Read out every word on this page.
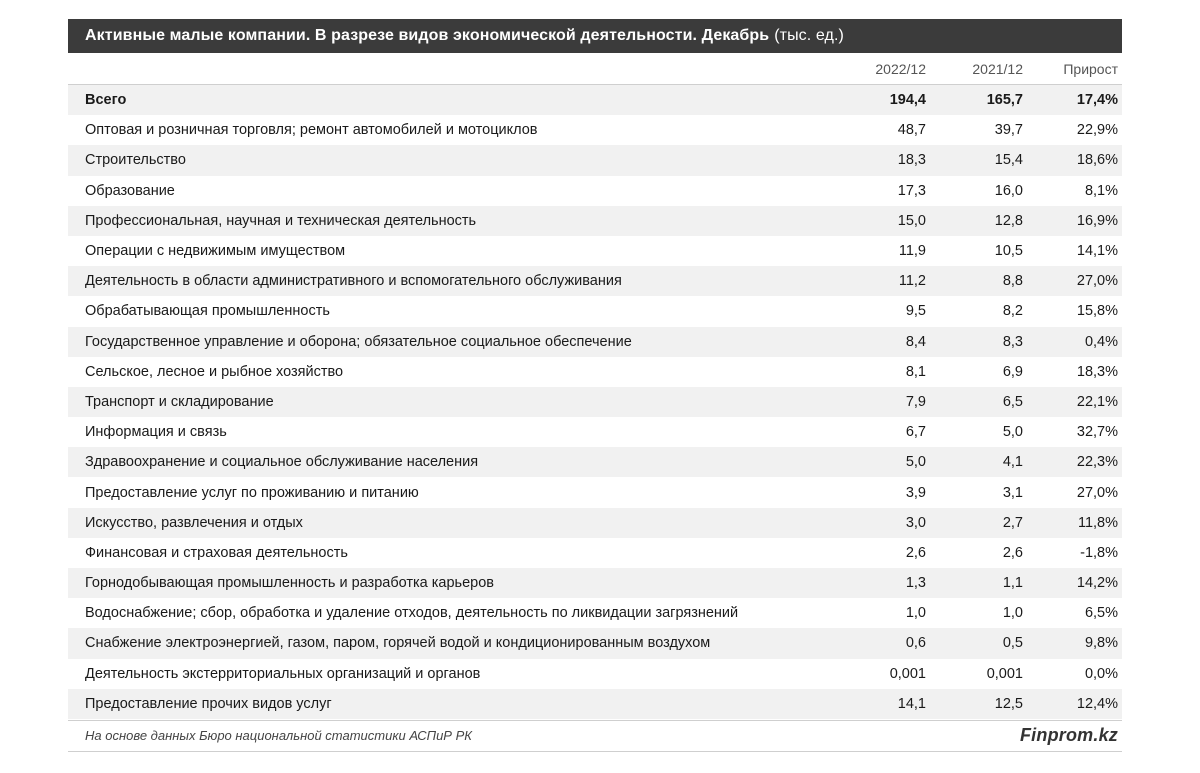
Активные малые компании. В разрезе видов экономической деятельности. Декабрь (тыс. ед.)
2022/12	2021/12	Прирост
Всего	194,4	165,7	17,4%
Оптовая и розничная торговля; ремонт автомобилей и мотоциклов	48,7	39,7	22,9%
Строительство	18,3	15,4	18,6%
Образование	17,3	16,0	8,1%
Профессиональная, научная и техническая деятельность	15,0	12,8	16,9%
Операции с недвижимым имуществом	11,9	10,5	14,1%
Деятельность в области административного и вспомогательного обслуживания	11,2	8,8	27,0%
Обрабатывающая промышленность	9,5	8,2	15,8%
Государственное управление и оборона; обязательное социальное обеспечение	8,4	8,3	0,4%
Сельское, лесное и рыбное хозяйство	8,1	6,9	18,3%
Транспорт и складирование	7,9	6,5	22,1%
Информация и связь	6,7	5,0	32,7%
Здравоохранение и социальное обслуживание населения	5,0	4,1	22,3%
Предоставление услуг по проживанию и питанию	3,9	3,1	27,0%
Искусство, развлечения и отдых	3,0	2,7	11,8%
Финансовая и страховая деятельность	2,6	2,6	-1,8%
Горнодобывающая промышленность и разработка карьеров	1,3	1,1	14,2%
Водоснабжение; сбор, обработка и удаление отходов, деятельность по ликвидации загрязнений	1,0	1,0	6,5%
Снабжение электроэнергией, газом, паром, горячей водой и кондиционированным воздухом	0,6	0,5	9,8%
Деятельность экстерриториальных организаций и органов	0,001	0,001	0,0%
Предоставление прочих видов услуг	14,1	12,5	12,4%
На основе данных Бюро национальной статистики АСПиР РК	Finprom.kz
